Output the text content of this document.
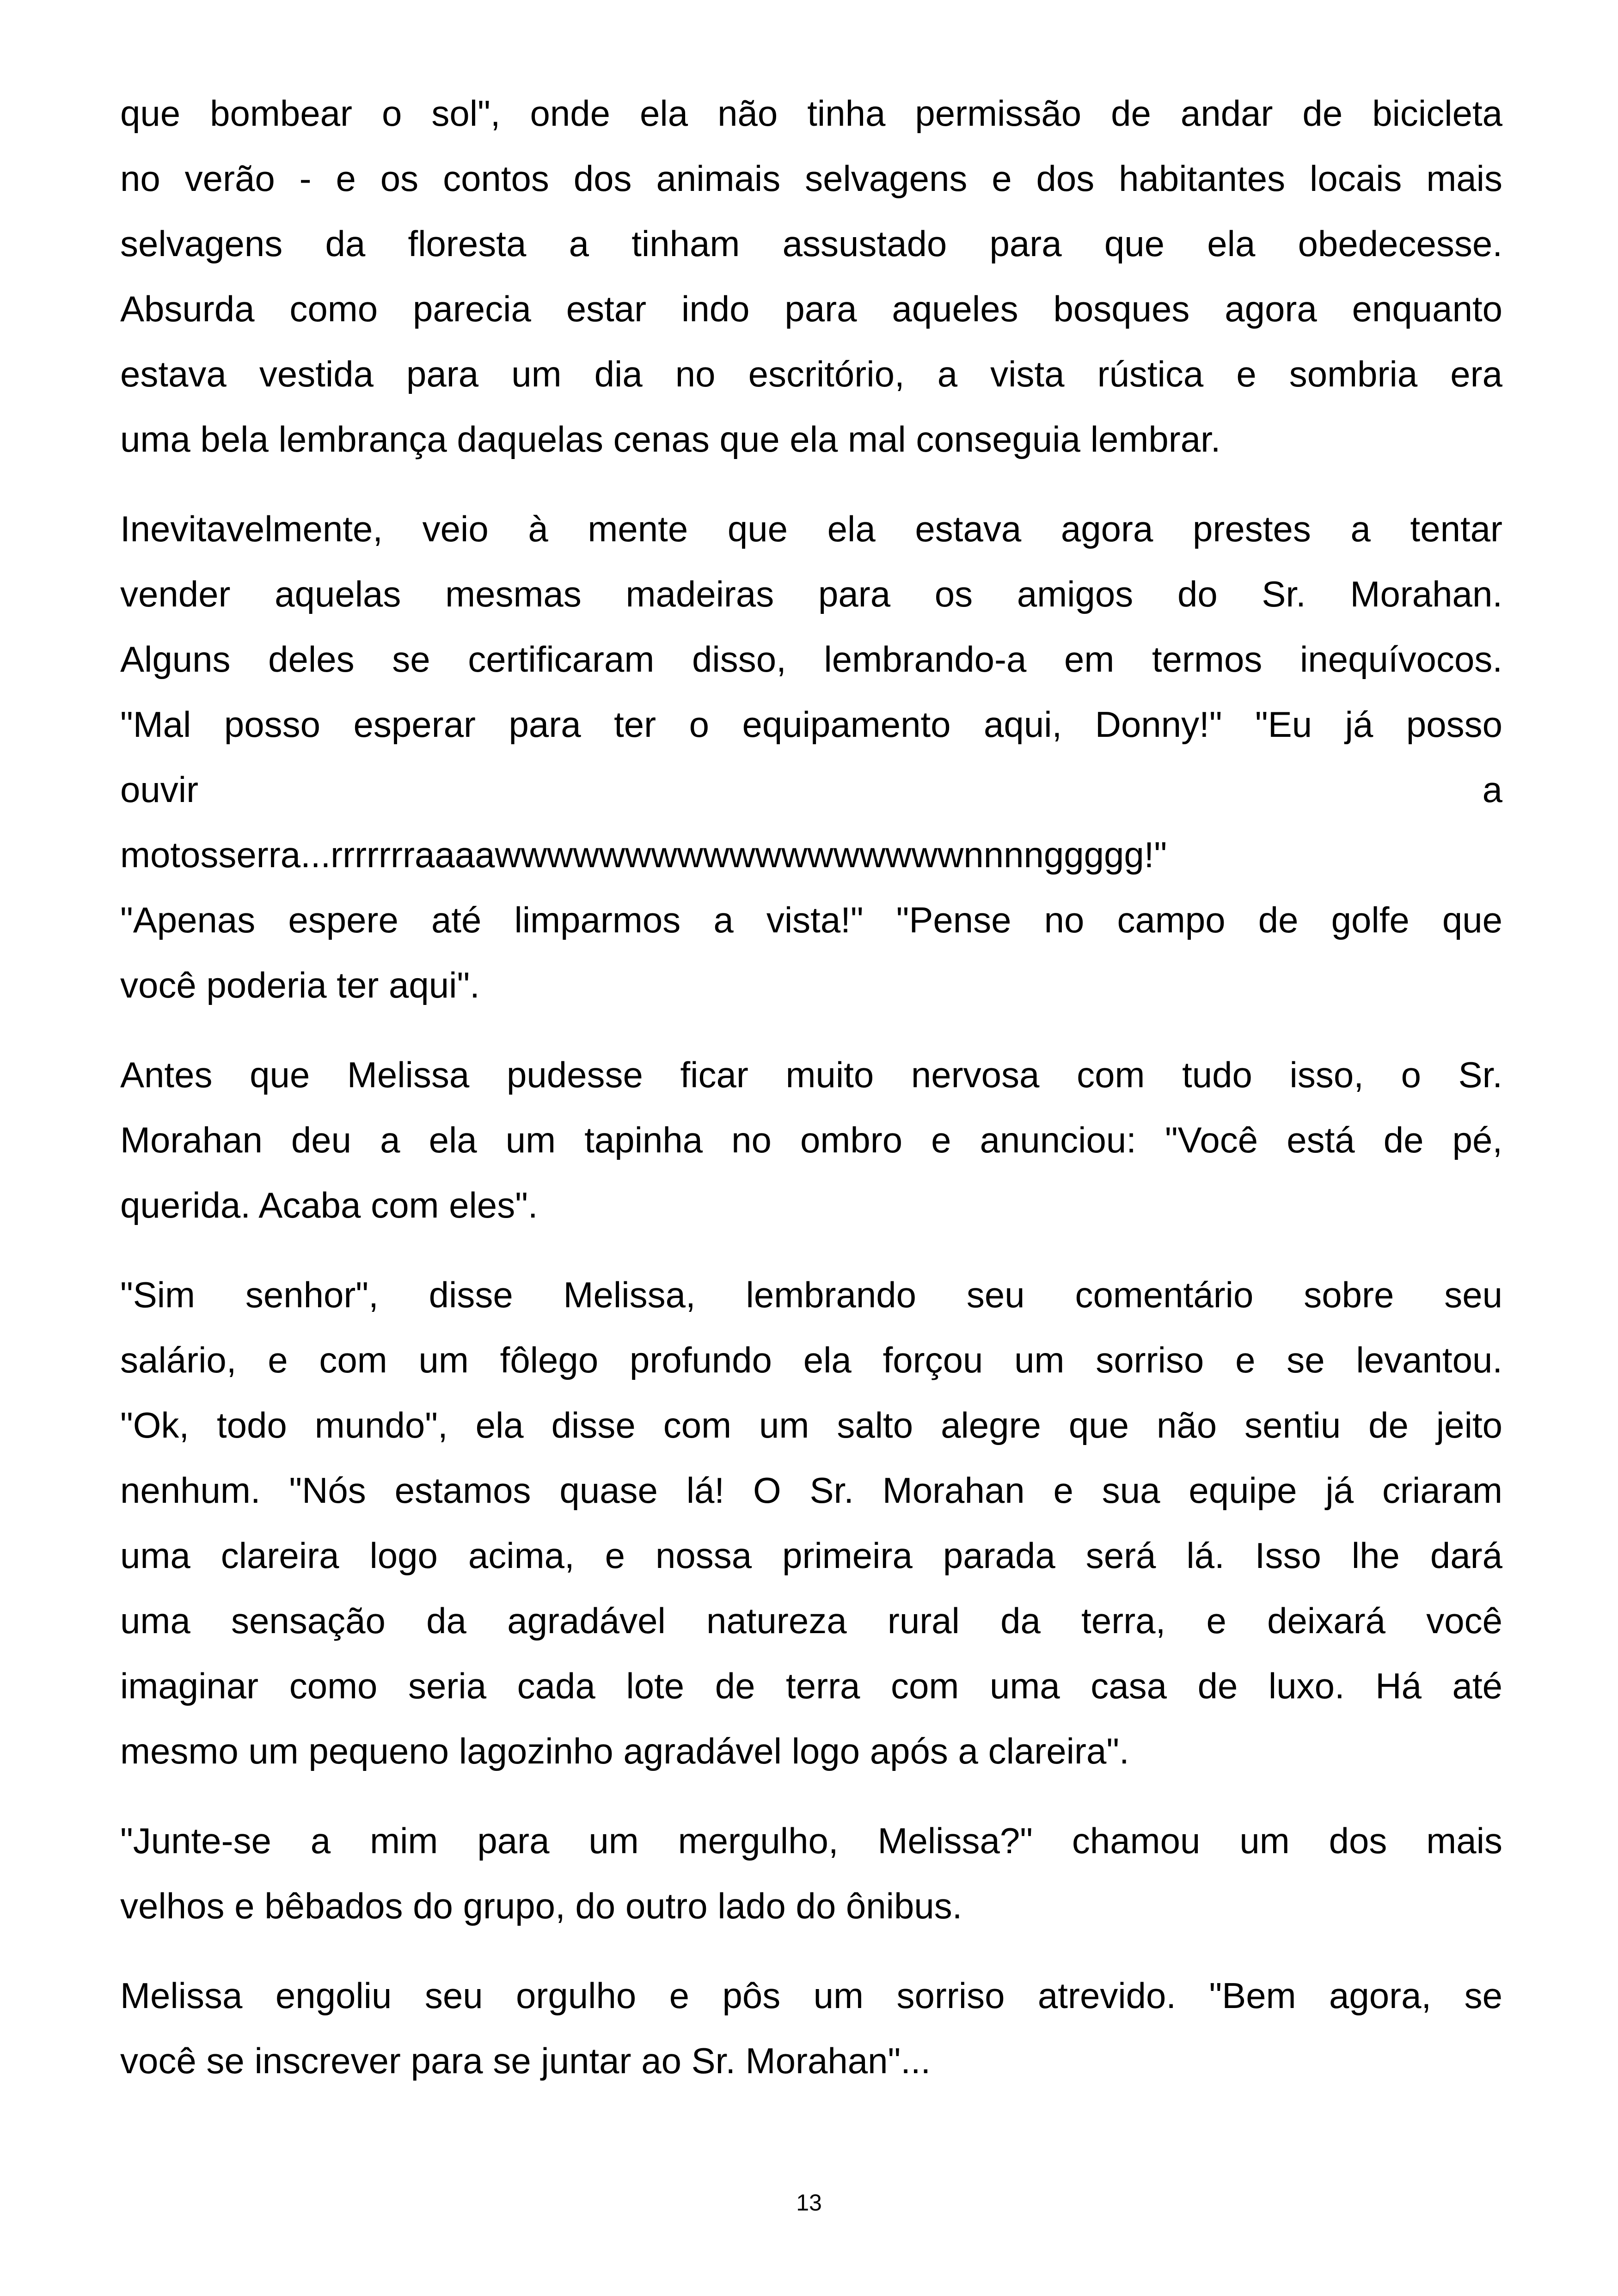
que bombear o sol", onde ela não tinha permissão de andar de bicicleta
no verão - e os contos dos animais selvagens e dos habitantes locais mais
selvagens da floresta a tinham assustado para que ela obedecesse.
Absurda como parecia estar indo para aqueles bosques agora enquanto
estava vestida para um dia no escritório, a vista rústica e sombria era
uma bela lembrança daquelas cenas que ela mal conseguia lembrar.

Inevitavelmente, veio à mente que ela estava agora prestes a tentar
vender aquelas mesmas madeiras para os amigos do Sr. Morahan.
Alguns deles se certificaram disso, lembrando-a em termos inequívocos.
"Mal posso esperar para ter o equipamento aqui, Donny!" "Eu já posso
ouvir a
motosserra...rrrrrrraaaawwwwwwwwwwwwwwwwwwnnnnggggg!"
"Apenas espere até limparmos a vista!" "Pense no campo de golfe que
você poderia ter aqui".

Antes que Melissa pudesse ficar muito nervosa com tudo isso, o Sr.
Morahan deu a ela um tapinha no ombro e anunciou: "Você está de pé,
querida. Acaba com eles".

"Sim senhor", disse Melissa, lembrando seu comentário sobre seu
salário, e com um fôlego profundo ela forçou um sorriso e se levantou.
"Ok, todo mundo", ela disse com um salto alegre que não sentiu de jeito
nenhum. "Nós estamos quase lá! O Sr. Morahan e sua equipe já criaram
uma clareira logo acima, e nossa primeira parada será lá. Isso lhe dará
uma sensação da agradável natureza rural da terra, e deixará você
imaginar como seria cada lote de terra com uma casa de luxo. Há até
mesmo um pequeno lagozinho agradável logo após a clareira".

"Junte-se a mim para um mergulho, Melissa?" chamou um dos mais
velhos e bêbados do grupo, do outro lado do ônibus.

Melissa engoliu seu orgulho e pôs um sorriso atrevido. "Bem agora, se
você se inscrever para se juntar ao Sr. Morahan"...

13
